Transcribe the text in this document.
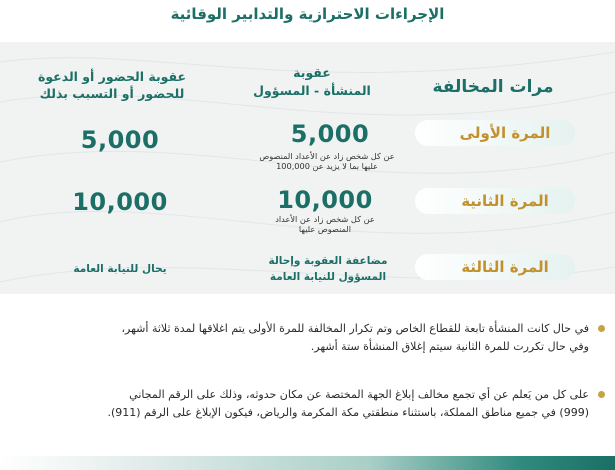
الإجراءات الاحترازية والتدابير الوقائية
مرات المخالفة
عقوبة
المنشأة - المسؤول
عقوبة الحضور أو الدعوة
للحضور أو التسبب بذلك
المرة الأولى
5,000
عن كل شخص زاد عن الأعداد المنصوص
عليها بما لا يزيد عن 100,000
5,000
المرة الثانية
10,000
عن كل شخص زاد عن الأعداد
المنصوص عليها
10,000
المرة الثالثة
مضاعفة العقوبة وإحالة
المسؤول للنيابة العامة
يحال للنيابة العامة
في حال كانت المنشأة تابعة للقطاع الخاص وتم تكرار المخالفة للمرة الأولى يتم اغلاقها لمدة ثلاثة أشهر،
وفي حال تكررت للمرة الثانية سيتم إغلاق المنشأة ستة أشهر.
على كل من يَعلم عن أي تجمع مخالف إبلاغ الجهة المختصة عن مكان حدوثه، وذلك على الرقم المجاني
(999) في جميع مناطق المملكة، باستثناء منطقتي مكة المكرمة والرياض، فيكون الإبلاغ على الرقم (911).
